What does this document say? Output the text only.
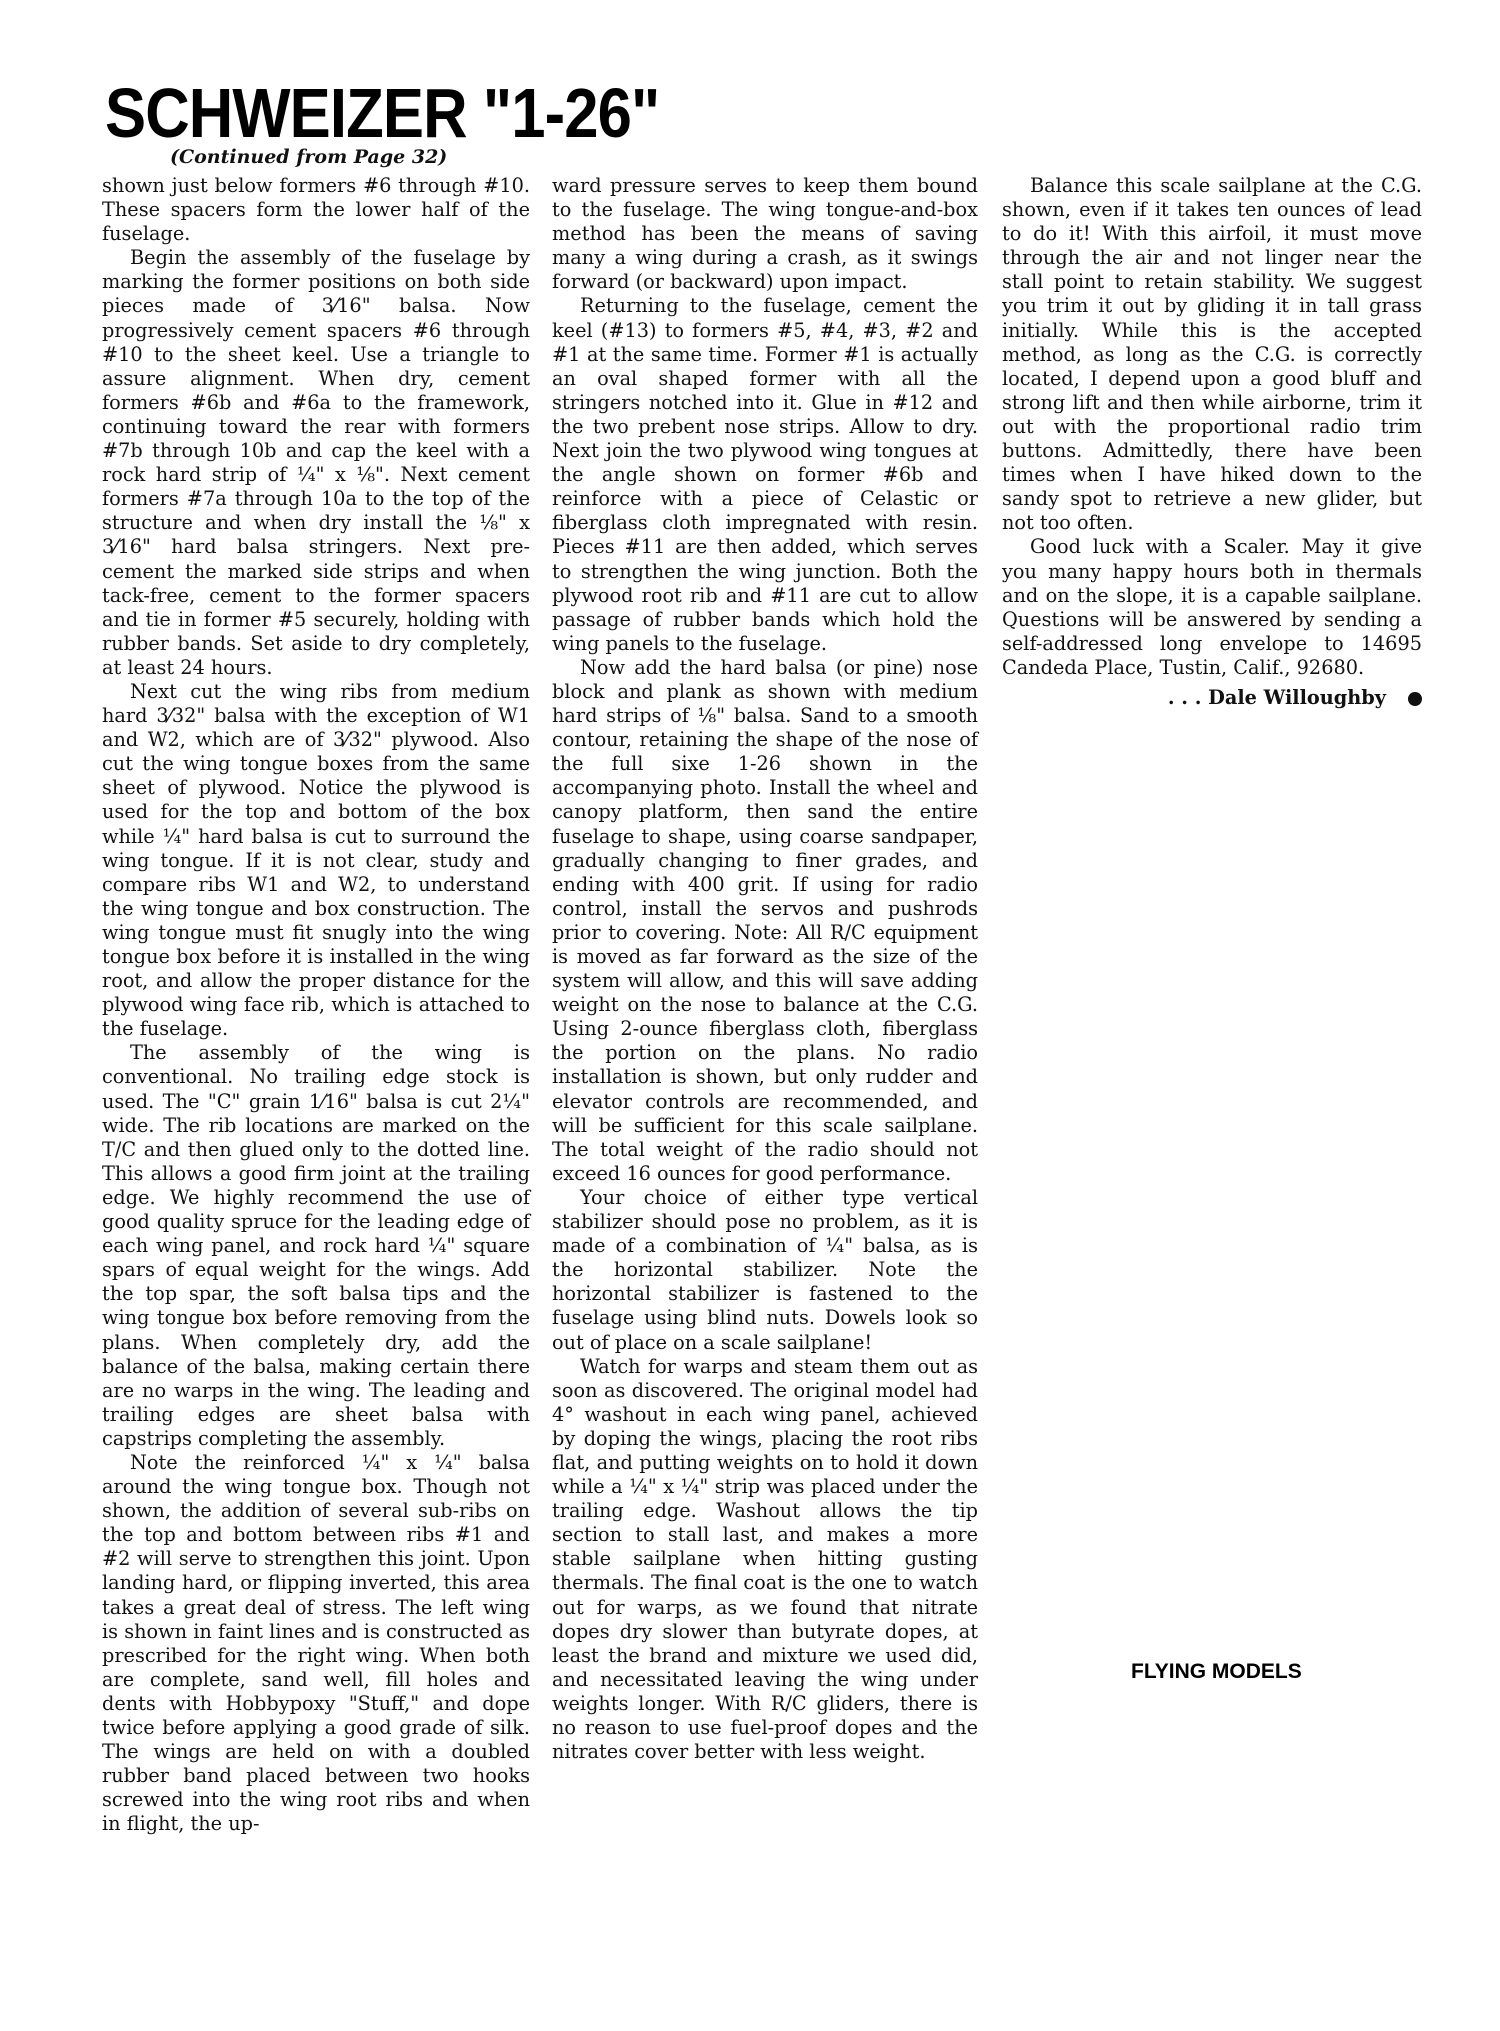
SCHWEIZER "1-26"
(Continued from Page 32)

shown just below formers #6 through #10. These spacers form the lower half of the fuselage.

Begin the assembly of the fuselage by marking the former positions on both side pieces made of 3⁄16" balsa. Now progressively cement spacers #6 through #10 to the sheet keel. Use a triangle to assure alignment. When dry, cement formers #6b and #6a to the framework, continuing toward the rear with formers #7b through 10b and cap the keel with a rock hard strip of ¼" x ⅛". Next cement formers #7a through 10a to the top of the structure and when dry install the ⅛" x 3⁄16" hard balsa stringers. Next pre-cement the marked side strips and when tack-free, cement to the former spacers and tie in former #5 securely, holding with rubber bands. Set aside to dry completely, at least 24 hours.

Next cut the wing ribs from medium hard 3⁄32" balsa with the exception of W1 and W2, which are of 3⁄32" plywood. Also cut the wing tongue boxes from the same sheet of plywood. Notice the plywood is used for the top and bottom of the box while ¼" hard balsa is cut to surround the wing tongue. If it is not clear, study and compare ribs W1 and W2, to understand the wing tongue and box construction. The wing tongue must fit snugly into the wing tongue box before it is installed in the wing root, and allow the proper distance for the plywood wing face rib, which is attached to the fuselage.

The assembly of the wing is conventional. No trailing edge stock is used. The "C" grain 1⁄16" balsa is cut 2¼" wide. The rib locations are marked on the T/C and then glued only to the dotted line. This allows a good firm joint at the trailing edge. We highly recommend the use of good quality spruce for the leading edge of each wing panel, and rock hard ¼" square spars of equal weight for the wings. Add the top spar, the soft balsa tips and the wing tongue box before removing from the plans. When completely dry, add the balance of the balsa, making certain there are no warps in the wing. The leading and trailing edges are sheet balsa with capstrips completing the assembly.

Note the reinforced ¼" x ¼" balsa around the wing tongue box. Though not shown, the addition of several sub-ribs on the top and bottom between ribs #1 and #2 will serve to strengthen this joint. Upon landing hard, or flipping inverted, this area takes a great deal of stress. The left wing is shown in faint lines and is constructed as prescribed for the right wing. When both are complete, sand well, fill holes and dents with Hobbypoxy "Stuff," and dope twice before applying a good grade of silk. The wings are held on with a doubled rubber band placed between two hooks screwed into the wing root ribs and when in flight, the up-

ward pressure serves to keep them bound to the fuselage. The wing tongue-and-box method has been the means of saving many a wing during a crash, as it swings forward (or backward) upon impact.

Returning to the fuselage, cement the keel (#13) to formers #5, #4, #3, #2 and #1 at the same time. Former #1 is actually an oval shaped former with all the stringers notched into it. Glue in #12 and the two prebent nose strips. Allow to dry. Next join the two plywood wing tongues at the angle shown on former #6b and reinforce with a piece of Celastic or fiberglass cloth impregnated with resin. Pieces #11 are then added, which serves to strengthen the wing junction. Both the plywood root rib and #11 are cut to allow passage of rubber bands which hold the wing panels to the fuselage.

Now add the hard balsa (or pine) nose block and plank as shown with medium hard strips of ⅛" balsa. Sand to a smooth contour, retaining the shape of the nose of the full sixe 1-26 shown in the accompanying photo. Install the wheel and canopy platform, then sand the entire fuselage to shape, using coarse sandpaper, gradually changing to finer grades, and ending with 400 grit. If using for radio control, install the servos and pushrods prior to covering. Note: All R/C equipment is moved as far forward as the size of the system will allow, and this will save adding weight on the nose to balance at the C.G. Using 2-ounce fiberglass cloth, fiberglass the portion on the plans. No radio installation is shown, but only rudder and elevator controls are recommended, and will be sufficient for this scale sailplane. The total weight of the radio should not exceed 16 ounces for good performance.

Your choice of either type vertical stabilizer should pose no problem, as it is made of a combination of ¼" balsa, as is the horizontal stabilizer. Note the horizontal stabilizer is fastened to the fuselage using blind nuts. Dowels look so out of place on a scale sailplane!

Watch for warps and steam them out as soon as discovered. The original model had 4° washout in each wing panel, achieved by doping the wings, placing the root ribs flat, and putting weights on to hold it down while a ¼" x ¼" strip was placed under the trailing edge. Washout allows the tip section to stall last, and makes a more stable sailplane when hitting gusting thermals. The final coat is the one to watch out for warps, as we found that nitrate dopes dry slower than butyrate dopes, at least the brand and mixture we used did, and necessitated leaving the wing under weights longer. With R/C gliders, there is no reason to use fuel-proof dopes and the nitrates cover better with less weight.

Balance this scale sailplane at the C.G. shown, even if it takes ten ounces of lead to do it! With this airfoil, it must move through the air and not linger near the stall point to retain stability. We suggest you trim it out by gliding it in tall grass initially. While this is the accepted method, as long as the C.G. is correctly located, I depend upon a good bluff and strong lift and then while airborne, trim it out with the proportional radio trim buttons. Admittedly, there have been times when I have hiked down to the sandy spot to retrieve a new glider, but not too often.

Good luck with a Scaler. May it give you many happy hours both in thermals and on the slope, it is a capable sailplane. Questions will be answered by sending a self-addressed long envelope to 14695 Candeda Place, Tustin, Calif., 92680.

. . . Dale Willoughby
FLYING MODELS
